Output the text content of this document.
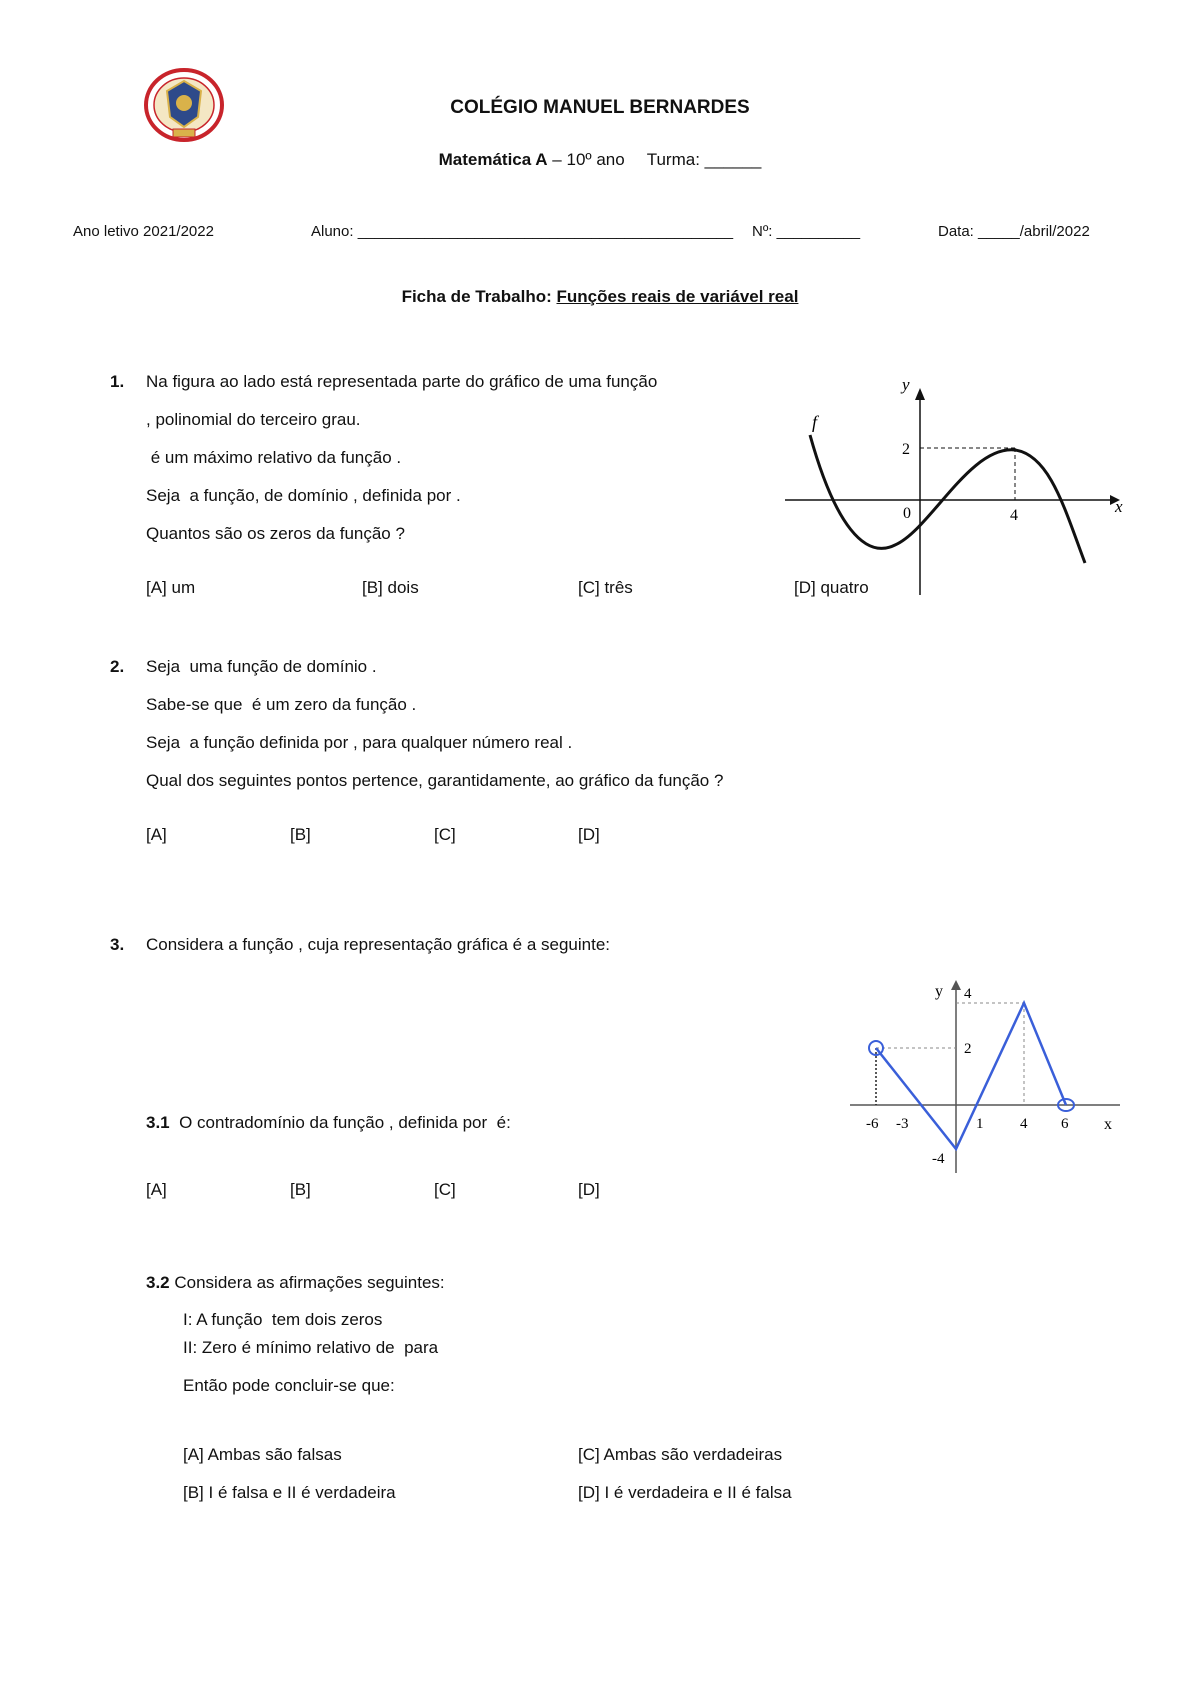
COLÉGIO MANUEL BERNARDES
Matemática A – 10º ano Turma: ______
Ano letivo 2021/2022	Aluno: _____________________________________________ Nº: __________	Data: _____/abril/2022
Ficha de Trabalho: Funções reais de variável real
1. Na figura ao lado está representada parte do gráfico de uma função
, polinomial do terceiro grau.
é um máximo relativo da função .
Seja  a função, de domínio , definida por .
Quantos são os zeros da função ?
[A] um	[B] dois	[C] três	[D] quatro
y
x
f
2
0	4
2. Seja  uma função de domínio .
Sabe-se que  é um zero da função .
Seja  a função definida por , para qualquer número real .
Qual dos seguintes pontos pertence, garantidamente, ao gráfico da função ?
[A]	[B]	[C]	[D]
3. Considera a função , cuja representação gráfica é a seguinte:
y 4
2
-4
-6 -3	1 4 6 x
3.1 O contradomínio da função , definida por  é:
[A]	[B]	[C]	[D]
3.2 Considera as afirmações seguintes:
I: A função  tem dois zeros
II: Zero é mínimo relativo de  para
Então pode concluir-se que:
[A] Ambas são falsas	[C] Ambas são verdadeiras
[B] I é falsa e II é verdadeira	[D] I é verdadeira e II é falsa
